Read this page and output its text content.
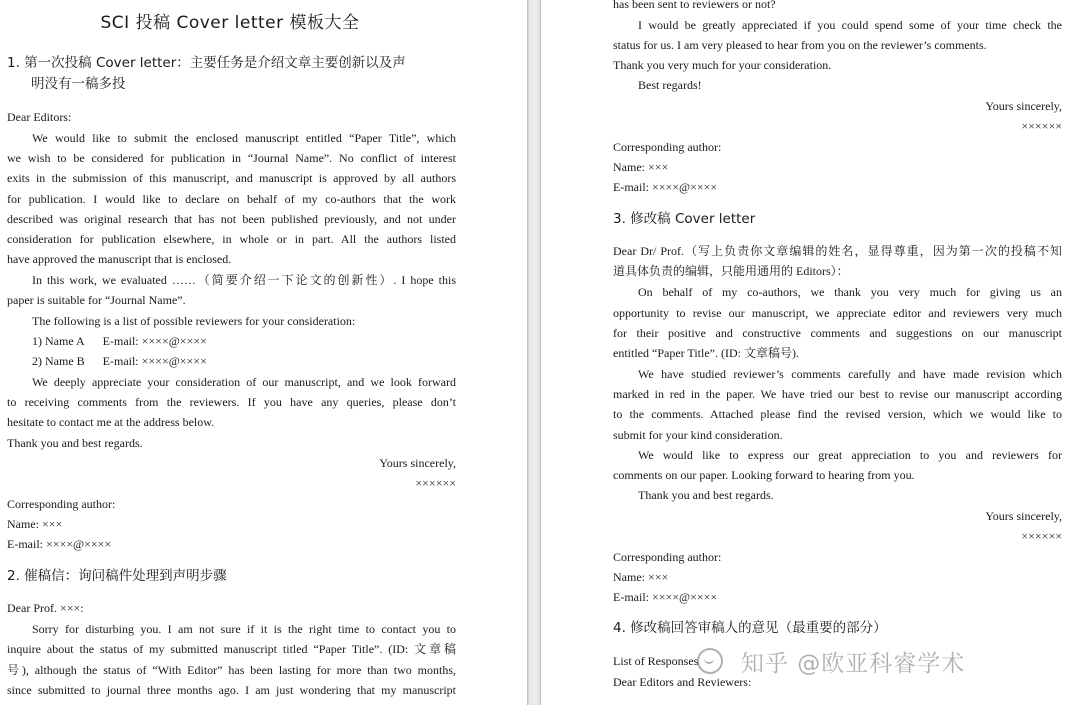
SCI 投稿 Cover letter 模板大全
1. 第一次投稿 Cover letter：主要任务是介绍文章主要创新以及声
明没有一稿多投
Dear Editors:
We would like to submit the enclosed manuscript entitled “Paper Title”, which
we wish to be considered for publication in “Journal Name”. No conflict of interest
exits in the submission of this manuscript, and manuscript is approved by all authors
for publication. I would like to declare on behalf of my co-authors that the work
described was original research that has not been published previously, and not under
consideration for publication elsewhere, in whole or in part. All the authors listed
have approved the manuscript that is enclosed.
In this work, we evaluated ……（简要介绍一下论文的创新性）. I hope this
paper is suitable for “Journal Name”.
The following is a list of possible reviewers for your consideration:
1) Name A E-mail: ××××@××××
2) Name B E-mail: ××××@××××
We deeply appreciate your consideration of our manuscript, and we look forward
to receiving comments from the reviewers. If you have any queries, please don’t
hesitate to contact me at the address below.
Thank you and best regards.
Yours sincerely,
××××××
Corresponding author:
Name: ×××
E-mail: ××××@××××
2. 催稿信：询问稿件处理到声明步骤
Dear Prof. ×××:
Sorry for disturbing you. I am not sure if it is the right time to contact you to
inquire about the status of my submitted manuscript titled “Paper Title”. (ID: 文章稿
号), although the status of “With Editor” has been lasting for more than two months,
since submitted to journal three months ago. I am just wondering that my manuscript
has been sent to reviewers or not?
I would be greatly appreciated if you could spend some of your time check the
status for us. I am very pleased to hear from you on the reviewer’s comments.
Thank you very much for your consideration.
Best regards!
Yours sincerely,
××××××
Corresponding author:
Name: ×××
E-mail: ××××@××××
3. 修改稿 Cover letter
Dear Dr/ Prof.（写上负责你文章编辑的姓名，显得尊重，因为第一次的投稿不知
道具体负责的编辑，只能用通用的 Editors）：
On behalf of my co-authors, we thank you very much for giving us an
opportunity to revise our manuscript, we appreciate editor and reviewers very much
for their positive and constructive comments and suggestions on our manuscript
entitled “Paper Title”. (ID: 文章稿号).
We have studied reviewer’s comments carefully and have made revision which
marked in red in the paper. We have tried our best to revise our manuscript according
to the comments. Attached please find the revised version, which we would like to
submit for your kind consideration.
We would like to express our great appreciation to you and reviewers for
comments on our paper. Looking forward to hearing from you.
Thank you and best regards.
Yours sincerely,
××××××
Corresponding author:
Name: ×××
E-mail: ××××@××××
4. 修改稿回答审稿人的意见（最重要的部分）
List of Responses
Dear Editors and Reviewers:
知乎 @欧亚科睿学术
